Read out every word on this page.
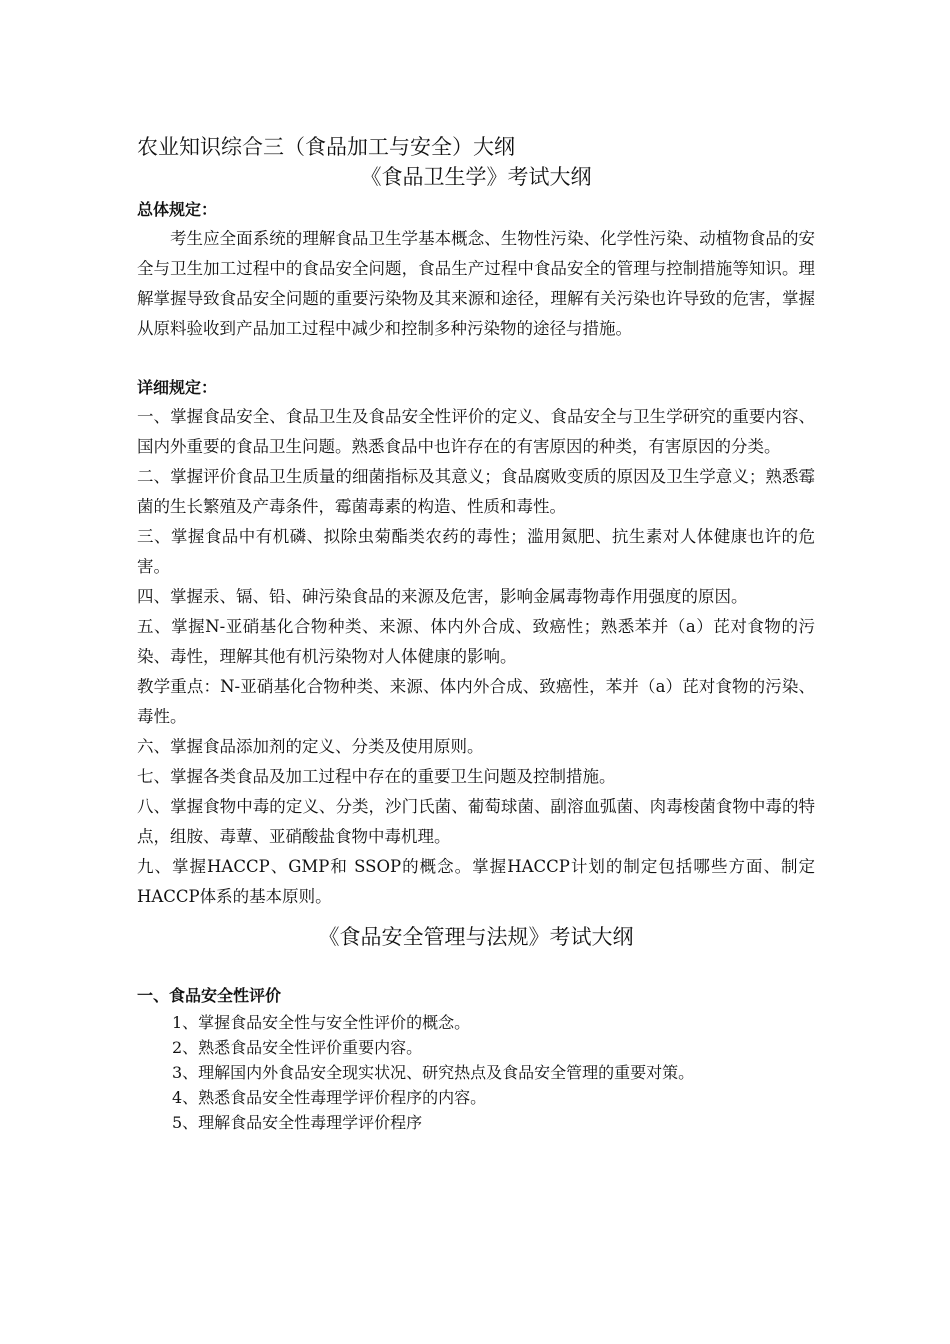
农业知识综合三（食品加工与安全）大纲
《食品卫生学》考试大纲

总体规定：

考生应全面系统的理解食品卫生学基本概念、生物性污染、化学性污染、动植物食品的安全与卫生加工过程中的食品安全问题，食品生产过程中食品安全的管理与控制措施等知识。理解掌握导致食品安全问题的重要污染物及其来源和途径，理解有关污染也许导致的危害，掌握从原料验收到产品加工过程中减少和控制多种污染物的途径与措施。

详细规定：

一、掌握食品安全、食品卫生及食品安全性评价的定义、食品安全与卫生学研究的重要内容、国内外重要的食品卫生问题。熟悉食品中也许存在的有害原因的种类，有害原因的分类。

二、掌握评价食品卫生质量的细菌指标及其意义；食品腐败变质的原因及卫生学意义；熟悉霉菌的生长繁殖及产毒条件，霉菌毒素的构造、性质和毒性。

三、掌握食品中有机磷、拟除虫菊酯类农药的毒性；滥用氮肥、抗生素对人体健康也许的危害。

四、掌握汞、镉、铅、砷污染食品的来源及危害，影响金属毒物毒作用强度的原因。

五、掌握N-亚硝基化合物种类、来源、体内外合成、致癌性；熟悉苯并（a）芘对食物的污染、毒性，理解其他有机污染物对人体健康的影响。

教学重点：N-亚硝基化合物种类、来源、体内外合成、致癌性，苯并（a）芘对食物的污染、毒性。

六、掌握食品添加剂的定义、分类及使用原则。

七、掌握各类食品及加工过程中存在的重要卫生问题及控制措施。

八、掌握食物中毒的定义、分类，沙门氏菌、葡萄球菌、副溶血弧菌、肉毒梭菌食物中毒的特点，组胺、毒蕈、亚硝酸盐食物中毒机理。

九、掌握HACCP、GMP和 SSOP的概念。掌握HACCP计划的制定包括哪些方面、制定HACCP体系的基本原则。

《食品安全管理与法规》考试大纲

一、食品安全性评价

1、掌握食品安全性与安全性评价的概念。

2、熟悉食品安全性评价重要内容。

3、理解国内外食品安全现实状况、研究热点及食品安全管理的重要对策。

4、熟悉食品安全性毒理学评价程序的内容。

5、理解食品安全性毒理学评价程序
